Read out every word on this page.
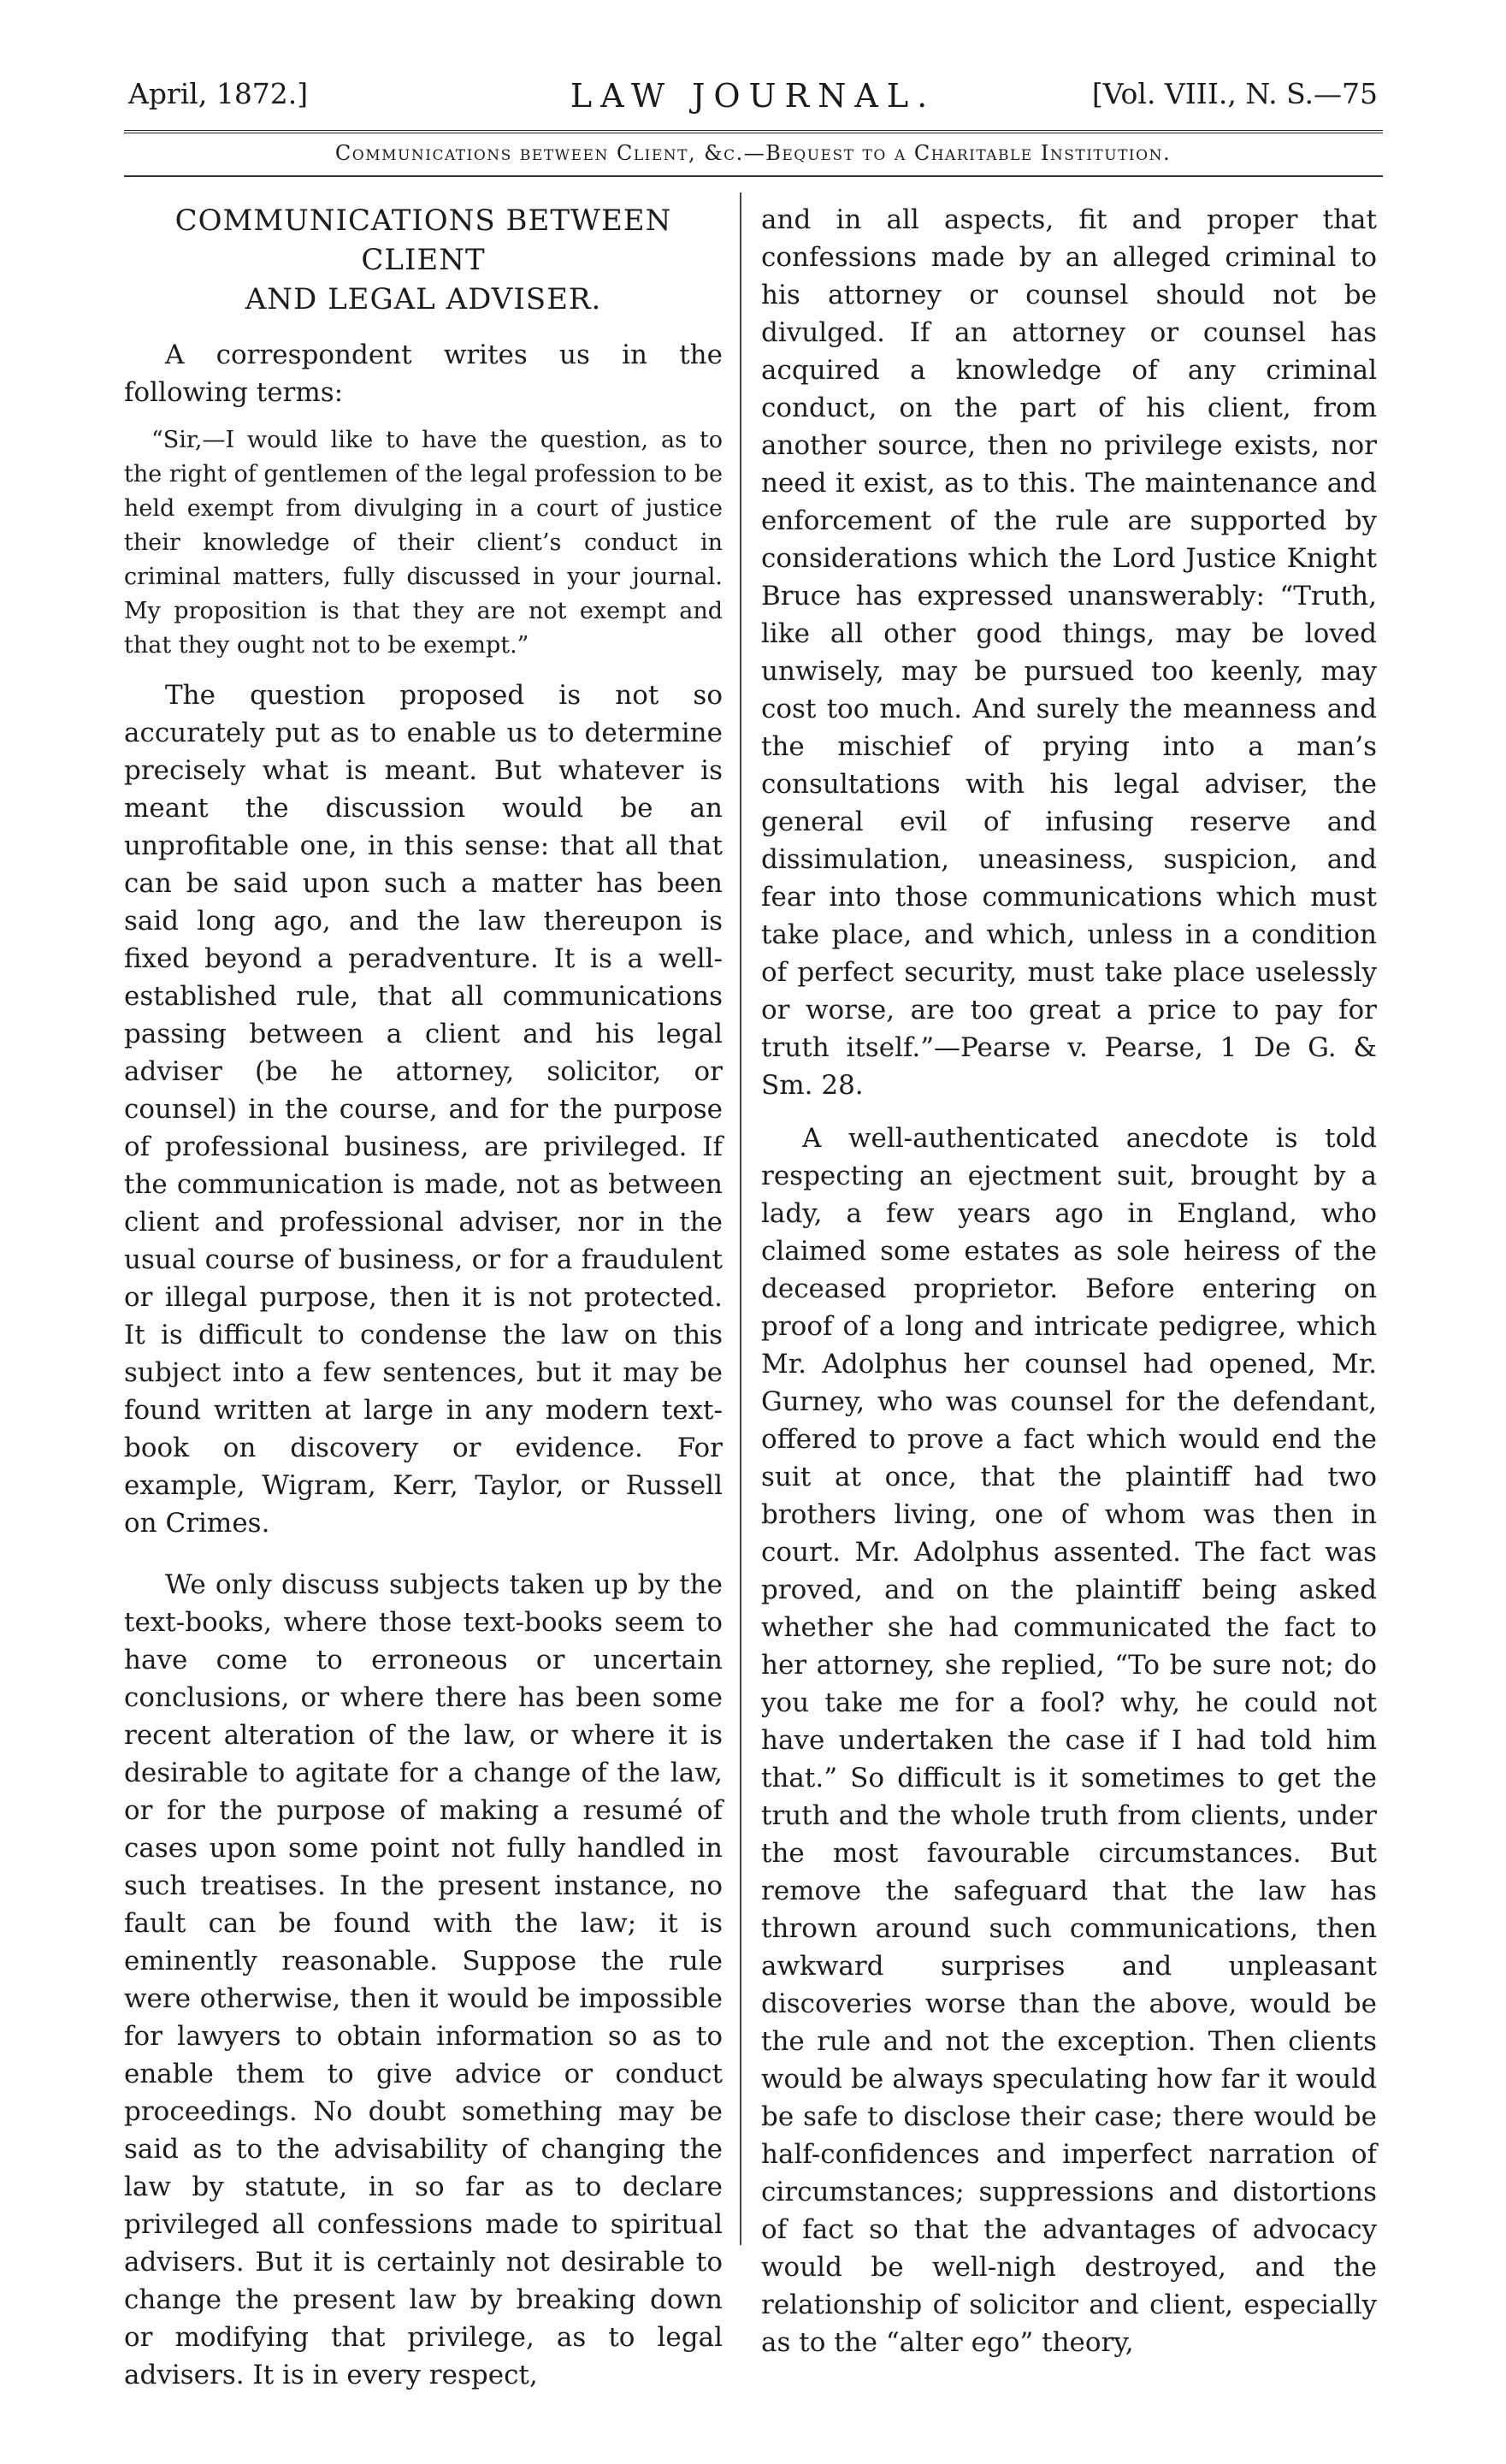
April, 1872.]	LAW JOURNAL.	[Vol. VIII., N. S.—75
Communications between Client, &c.—Bequest to a Charitable Institution.
COMMUNICATIONS BETWEEN CLIENT
AND LEGAL ADVISER.

A correspondent writes us in the following terms:

“Sir,—I would like to have the question, as to the right of gentlemen of the legal profession to be held exempt from divulging in a court of justice their knowledge of their client’s conduct in criminal matters, fully discussed in your journal. My proposition is that they are not exempt and that they ought not to be exempt.”

The question proposed is not so accurately put as to enable us to determine precisely what is meant. But whatever is meant the discussion would be an unprofitable one, in this sense: that all that can be said upon such a matter has been said long ago, and the law thereupon is fixed beyond a peradventure. It is a well-established rule, that all communications passing between a client and his legal adviser (be he attorney, solicitor, or counsel) in the course, and for the purpose of professional business, are privileged. If the communication is made, not as between client and professional adviser, nor in the usual course of business, or for a fraudulent or illegal purpose, then it is not protected. It is difficult to condense the law on this subject into a few sentences, but it may be found written at large in any modern text-book on discovery or evidence. For example, Wigram, Kerr, Taylor, or Russell on Crimes.

We only discuss subjects taken up by the text-books, where those text-books seem to have come to erroneous or uncertain conclusions, or where there has been some recent alteration of the law, or where it is desirable to agitate for a change of the law, or for the purpose of making a resumé of cases upon some point not fully handled in such treatises. In the present instance, no fault can be found with the law; it is eminently reasonable. Suppose the rule were otherwise, then it would be impossible for lawyers to obtain information so as to enable them to give advice or conduct proceedings. No doubt something may be said as to the advisability of changing the law by statute, in so far as to declare privileged all confessions made to spiritual advisers. But it is certainly not desirable to change the present law by breaking down or modifying that privilege, as to legal advisers. It is in every respect,

and in all aspects, fit and proper that confessions made by an alleged criminal to his attorney or counsel should not be divulged. If an attorney or counsel has acquired a knowledge of any criminal conduct, on the part of his client, from another source, then no privilege exists, nor need it exist, as to this. The maintenance and enforcement of the rule are supported by considerations which the Lord Justice Knight Bruce has expressed unanswerably: “Truth, like all other good things, may be loved unwisely, may be pursued too keenly, may cost too much. And surely the meanness and the mischief of prying into a man’s consultations with his legal adviser, the general evil of infusing reserve and dissimulation, uneasiness, suspicion, and fear into those communications which must take place, and which, unless in a condition of perfect security, must take place uselessly or worse, are too great a price to pay for truth itself.”—Pearse v. Pearse, 1 De G. & Sm. 28.

A well-authenticated anecdote is told respecting an ejectment suit, brought by a lady, a few years ago in England, who claimed some estates as sole heiress of the deceased proprietor. Before entering on proof of a long and intricate pedigree, which Mr. Adolphus her counsel had opened, Mr. Gurney, who was counsel for the defendant, offered to prove a fact which would end the suit at once, that the plaintiff had two brothers living, one of whom was then in court. Mr. Adolphus assented. The fact was proved, and on the plaintiff being asked whether she had communicated the fact to her attorney, she replied, “To be sure not; do you take me for a fool? why, he could not have undertaken the case if I had told him that.” So difficult is it sometimes to get the truth and the whole truth from clients, under the most favourable circumstances. But remove the safeguard that the law has thrown around such communications, then awkward surprises and unpleasant discoveries worse than the above, would be the rule and not the exception. Then clients would be always speculating how far it would be safe to disclose their case; there would be half-confidences and imperfect narration of circumstances; suppressions and distortions of fact so that the advantages of advocacy would be well-nigh destroyed, and the relationship of solicitor and client, especially as to the “alter ego” theory,
